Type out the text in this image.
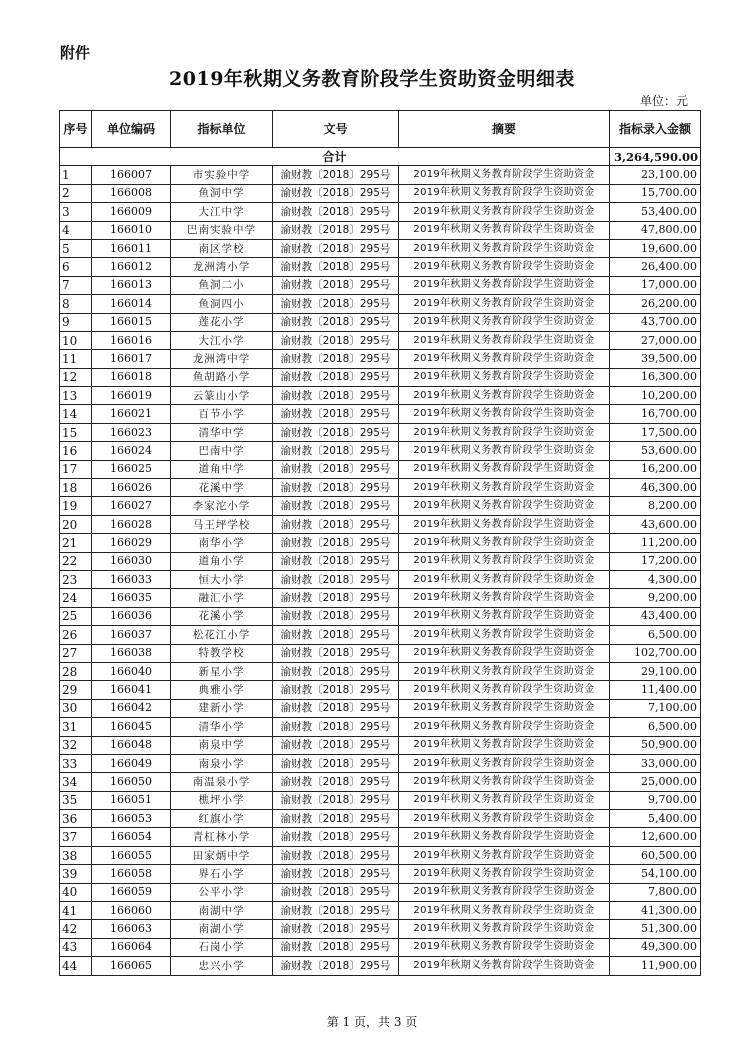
附件
2019年秋期义务教育阶段学生资助资金明细表
单位：元
序号	单位编码	指标单位	文号	摘要	指标录入金额
合计					3,264,590.00
1	166007	市实验中学	渝财教〔2018〕295号	2019年秋期义务教育阶段学生资助资金	23,100.00
2	166008	鱼洞中学	渝财教〔2018〕295号	2019年秋期义务教育阶段学生资助资金	15,700.00
3	166009	大江中学	渝财教〔2018〕295号	2019年秋期义务教育阶段学生资助资金	53,400.00
4	166010	巴南实验中学	渝财教〔2018〕295号	2019年秋期义务教育阶段学生资助资金	47,800.00
5	166011	南区学校	渝财教〔2018〕295号	2019年秋期义务教育阶段学生资助资金	19,600.00
6	166012	龙洲湾小学	渝财教〔2018〕295号	2019年秋期义务教育阶段学生资助资金	26,400.00
7	166013	鱼洞二小	渝财教〔2018〕295号	2019年秋期义务教育阶段学生资助资金	17,000.00
8	166014	鱼洞四小	渝财教〔2018〕295号	2019年秋期义务教育阶段学生资助资金	26,200.00
9	166015	莲花小学	渝财教〔2018〕295号	2019年秋期义务教育阶段学生资助资金	43,700.00
10	166016	大江小学	渝财教〔2018〕295号	2019年秋期义务教育阶段学生资助资金	27,000.00
11	166017	龙洲湾中学	渝财教〔2018〕295号	2019年秋期义务教育阶段学生资助资金	39,500.00
12	166018	鱼胡路小学	渝财教〔2018〕295号	2019年秋期义务教育阶段学生资助资金	16,300.00
13	166019	云篆山小学	渝财教〔2018〕295号	2019年秋期义务教育阶段学生资助资金	10,200.00
14	166021	百节小学	渝财教〔2018〕295号	2019年秋期义务教育阶段学生资助资金	16,700.00
15	166023	清华中学	渝财教〔2018〕295号	2019年秋期义务教育阶段学生资助资金	17,500.00
16	166024	巴南中学	渝财教〔2018〕295号	2019年秋期义务教育阶段学生资助资金	53,600.00
17	166025	道角中学	渝财教〔2018〕295号	2019年秋期义务教育阶段学生资助资金	16,200.00
18	166026	花溪中学	渝财教〔2018〕295号	2019年秋期义务教育阶段学生资助资金	46,300.00
19	166027	李家沱小学	渝财教〔2018〕295号	2019年秋期义务教育阶段学生资助资金	8,200.00
20	166028	马王坪学校	渝财教〔2018〕295号	2019年秋期义务教育阶段学生资助资金	43,600.00
21	166029	南华小学	渝财教〔2018〕295号	2019年秋期义务教育阶段学生资助资金	11,200.00
22	166030	道角小学	渝财教〔2018〕295号	2019年秋期义务教育阶段学生资助资金	17,200.00
23	166033	恒大小学	渝财教〔2018〕295号	2019年秋期义务教育阶段学生资助资金	4,300.00
24	166035	融汇小学	渝财教〔2018〕295号	2019年秋期义务教育阶段学生资助资金	9,200.00
25	166036	花溪小学	渝财教〔2018〕295号	2019年秋期义务教育阶段学生资助资金	43,400.00
26	166037	松花江小学	渝财教〔2018〕295号	2019年秋期义务教育阶段学生资助资金	6,500.00
27	166038	特教学校	渝财教〔2018〕295号	2019年秋期义务教育阶段学生资助资金	102,700.00
28	166040	新星小学	渝财教〔2018〕295号	2019年秋期义务教育阶段学生资助资金	29,100.00
29	166041	典雅小学	渝财教〔2018〕295号	2019年秋期义务教育阶段学生资助资金	11,400.00
30	166042	建新小学	渝财教〔2018〕295号	2019年秋期义务教育阶段学生资助资金	7,100.00
31	166045	清华小学	渝财教〔2018〕295号	2019年秋期义务教育阶段学生资助资金	6,500.00
32	166048	南泉中学	渝财教〔2018〕295号	2019年秋期义务教育阶段学生资助资金	50,900.00
33	166049	南泉小学	渝财教〔2018〕295号	2019年秋期义务教育阶段学生资助资金	33,000.00
34	166050	南温泉小学	渝财教〔2018〕295号	2019年秋期义务教育阶段学生资助资金	25,000.00
35	166051	樵坪小学	渝财教〔2018〕295号	2019年秋期义务教育阶段学生资助资金	9,700.00
36	166053	红旗小学	渝财教〔2018〕295号	2019年秋期义务教育阶段学生资助资金	5,400.00
37	166054	青杠林小学	渝财教〔2018〕295号	2019年秋期义务教育阶段学生资助资金	12,600.00
38	166055	田家炳中学	渝财教〔2018〕295号	2019年秋期义务教育阶段学生资助资金	60,500.00
39	166058	界石小学	渝财教〔2018〕295号	2019年秋期义务教育阶段学生资助资金	54,100.00
40	166059	公平小学	渝财教〔2018〕295号	2019年秋期义务教育阶段学生资助资金	7,800.00
41	166060	南湖中学	渝财教〔2018〕295号	2019年秋期义务教育阶段学生资助资金	41,300.00
42	166063	南湖小学	渝财教〔2018〕295号	2019年秋期义务教育阶段学生资助资金	51,300.00
43	166064	石岗小学	渝财教〔2018〕295号	2019年秋期义务教育阶段学生资助资金	49,300.00
44	166065	忠兴小学	渝财教〔2018〕295号	2019年秋期义务教育阶段学生资助资金	11,900.00
第 1 页，共 3 页
